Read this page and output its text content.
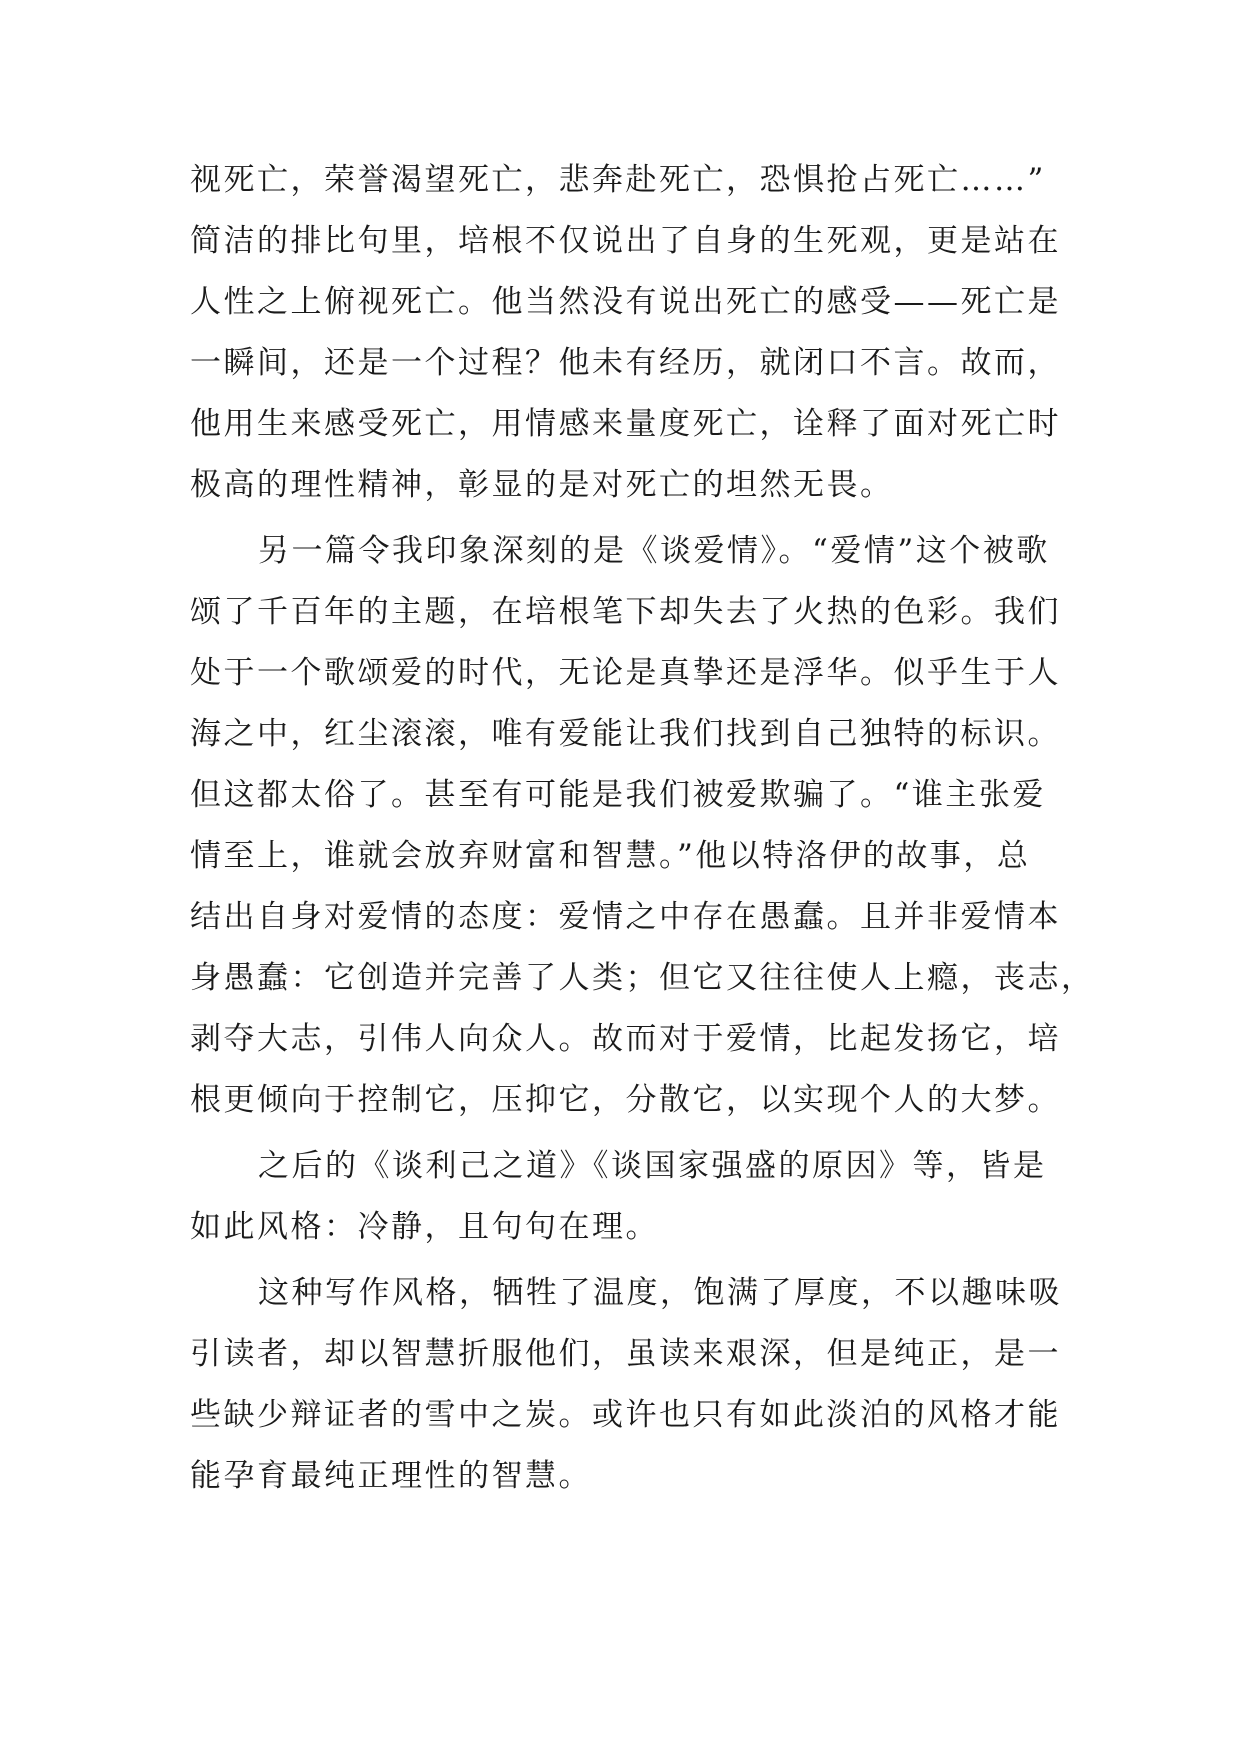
视死亡，荣誉渴望死亡，悲奔赴死亡，恐惧抢占死亡……”
简洁的排比句里，培根不仅说出了自身的生死观，更是站在
人性之上俯视死亡。他当然没有说出死亡的感受——死亡是
一瞬间，还是一个过程？他未有经历，就闭口不言。故而，
他用生来感受死亡，用情感来量度死亡，诠释了面对死亡时
极高的理性精神，彰显的是对死亡的坦然无畏。
另一篇令我印象深刻的是《谈爱情》。“爱情”这个被歌
颂了千百年的主题，在培根笔下却失去了火热的色彩。我们
处于一个歌颂爱的时代，无论是真挚还是浮华。似乎生于人
海之中，红尘滚滚，唯有爱能让我们找到自己独特的标识。
但这都太俗了。甚至有可能是我们被爱欺骗了。“谁主张爱
情至上，谁就会放弃财富和智慧。”他以特洛伊的故事，总
结出自身对爱情的态度：爱情之中存在愚蠢。且并非爱情本
身愚蠢：它创造并完善了人类；但它又往往使人上瘾，丧志，
剥夺大志，引伟人向众人。故而对于爱情，比起发扬它，培
根更倾向于控制它，压抑它，分散它，以实现个人的大梦。
之后的《谈利己之道》《谈国家强盛的原因》等，皆是
如此风格：冷静，且句句在理。
这种写作风格，牺牲了温度，饱满了厚度，不以趣味吸
引读者，却以智慧折服他们，虽读来艰深，但是纯正，是一
些缺少辩证者的雪中之炭。或许也只有如此淡泊的风格才能
能孕育最纯正理性的智慧。
